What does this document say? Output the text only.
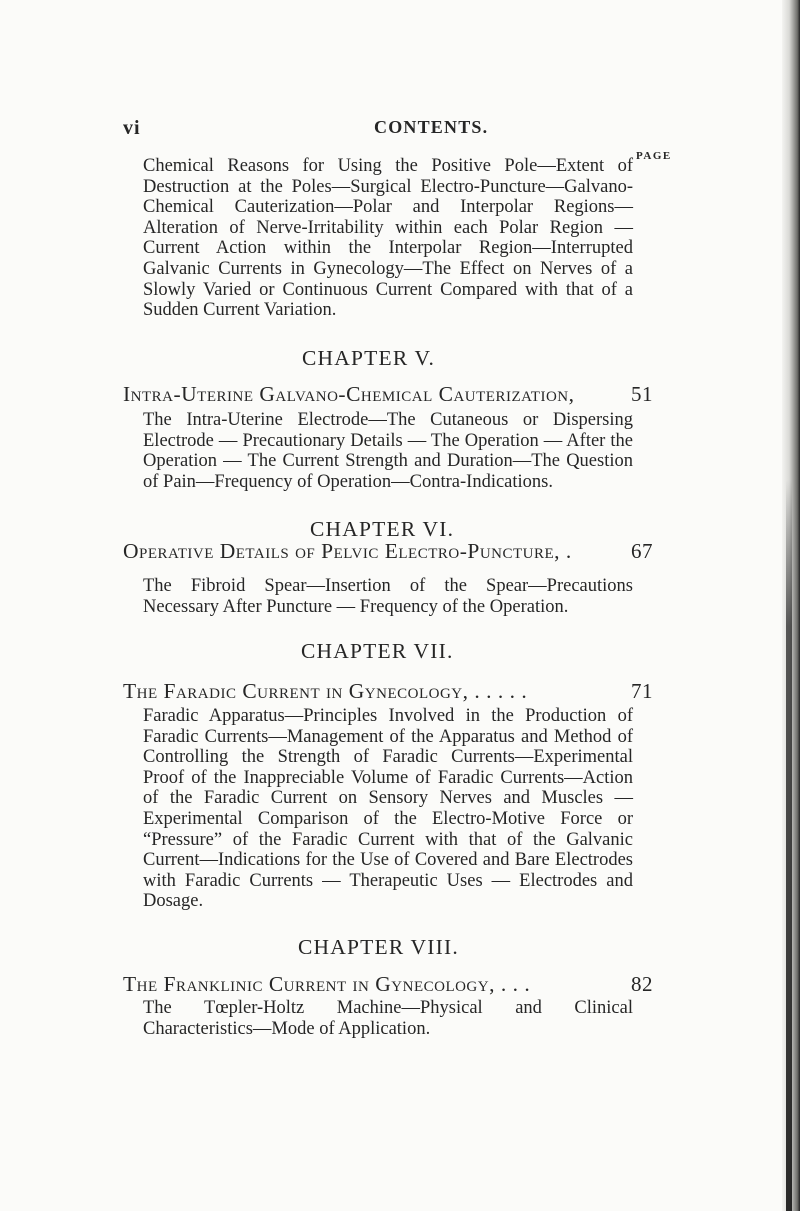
vi	CONTENTS.
PAGE

Chemical Reasons for Using the Positive Pole—Extent of Destruction at the Poles—Surgical Electro-Puncture—Galvano-Chemical Cauterization—Polar and Interpolar Regions—Alteration of Nerve-Irritability within each Polar Region — Current Action within the Interpolar Region—Interrupted Galvanic Currents in Gynecology—The Effect on Nerves of a Slowly Varied or Continuous Current Compared with that of a Sudden Current Variation.

CHAPTER V.
Intra-Uterine Galvano-Chemical Cauterization,	51

The Intra-Uterine Electrode—The Cutaneous or Dispersing Electrode — Precautionary Details — The Operation — After the Operation — The Current Strength and Duration—The Question of Pain—Frequency of Operation—Contra-Indications.

CHAPTER VI.
Operative Details of Pelvic Electro-Puncture, .	67

The Fibroid Spear—Insertion of the Spear—Precautions Necessary After Puncture — Frequency of the Operation.

CHAPTER VII.
The Faradic Current in Gynecology, . . . . .	71

Faradic Apparatus—Principles Involved in the Production of Faradic Currents—Management of the Apparatus and Method of Controlling the Strength of Faradic Currents—Experimental Proof of the Inappreciable Volume of Faradic Currents—Action of the Faradic Current on Sensory Nerves and Muscles —Experimental Comparison of the Electro-Motive Force or “Pressure” of the Faradic Current with that of the Galvanic Current—Indications for the Use of Covered and Bare Electrodes with Faradic Currents — Therapeutic Uses — Electrodes and Dosage.

CHAPTER VIII.
The Franklinic Current in Gynecology, . . .	82

The Tœpler-Holtz Machine—Physical and Clinical Characteristics—Mode of Application.
